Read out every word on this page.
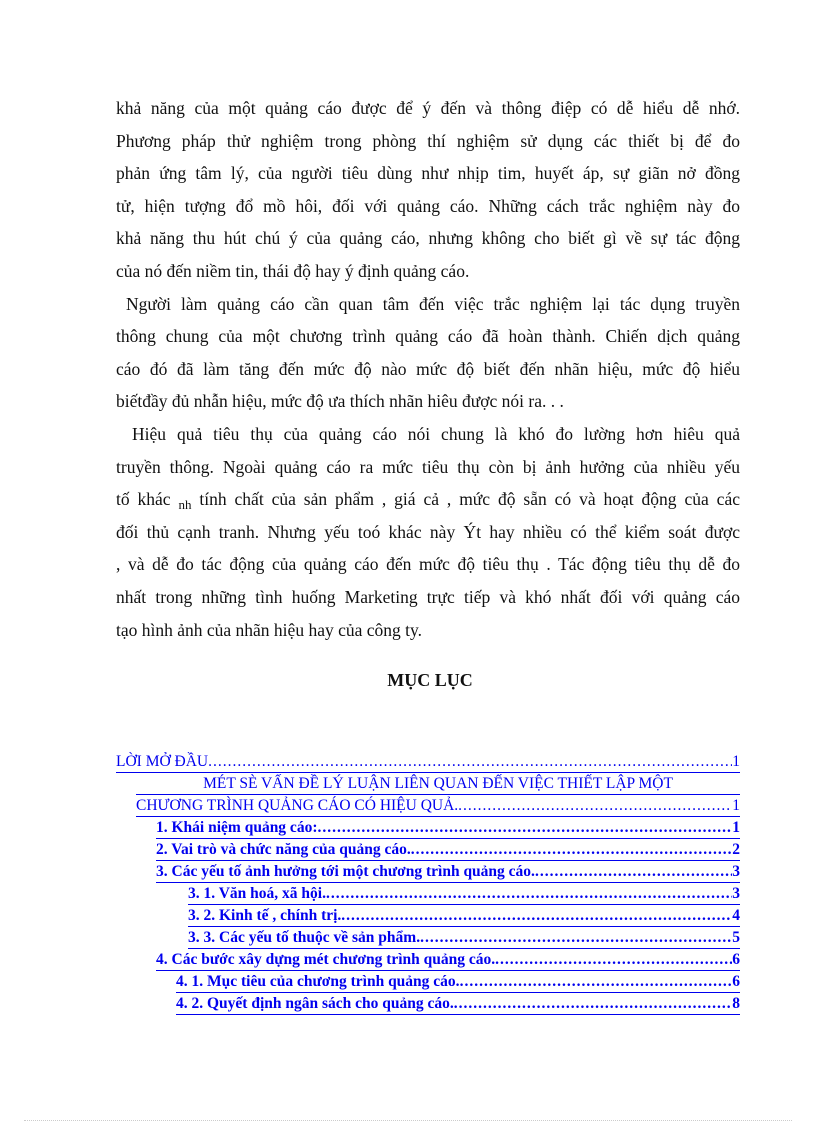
khả năng của một quảng cáo được để ý đến và thông điệp có dễ hiểu dễ nhớ.
Phương pháp thử nghiệm trong phòng thí nghiệm sử dụng các thiết bị để đo
phản ứng tâm lý, của người tiêu dùng như nhịp tim, huyết áp, sự giãn nở đồng
tử, hiện tượng đổ mồ hôi, đối với quảng cáo. Những cách trắc nghiệm này đo
khả năng thu hút chú ý của quảng cáo, nhưng không cho biết gì về sự tác động
của nó đến niềm tin, thái độ hay ý định quảng cáo.
Người làm quảng cáo cần quan tâm đến việc trắc nghiệm lại tác dụng truyền
thông chung của một chương trình quảng cáo đã hoàn thành. Chiến dịch quảng
cáo đó đã làm tăng đến mức độ nào mức độ biết đến nhãn hiệu, mức độ hiểu
biếtđầy đủ nhẫn hiệu, mức độ ưa thích nhãn hiêu được nói ra. . .
Hiệu quả tiêu thụ của quảng cáo nói chung là khó đo lường hơn hiêu quả
truyền thông. Ngoài quảng cáo ra mức tiêu thụ còn bị ảnh hưởng của nhiều yếu
tố khác $_{nh}$ tính chất của sản phẩm , giá cả , mức độ sẵn có và hoạt động của các
đối thủ cạnh tranh. Nhưng yếu toó khác này Ýt hay nhiều có thể kiểm soát được
, và dễ đo tác động của quảng cáo đến mức độ tiêu thụ . Tác động tiêu thụ dễ đo
nhất trong những tình huống Marketing trực tiếp và khó nhất đối với quảng cáo
tạo hình ảnh của nhãn hiệu hay của công ty.
MỤC LỤC
LỜI MỞ ĐẦU .....	1
MÉT SÈ VẤN ĐỀ LÝ LUẬN LIÊN QUAN ĐẾN VIỆC THIẾT LẬP MỘT
CHƯƠNG TRÌNH QUẢNG CÁO CÓ HIỆU QUẢ. .....	1
1. Khái niệm quảng cáo: .....	1
2. Vai trò và chức năng của quảng cáo. .....	2
3. Các yếu tố ảnh hưởng tới một chương trình quảng cáo. .....	3
3. 1. Văn hoá, xã hội. .....	3
3. 2. Kinh tế , chính trị. .....	4
3. 3. Các yếu tố thuộc về sản phẩm. .....	5
4. Các bước xây dựng mét chương trình quảng cáo. .....	6
4. 1. Mục tiêu của chương trình quảng cáo. .....	6
4. 2. Quyết định ngân sách cho quảng cáo. .....	8
